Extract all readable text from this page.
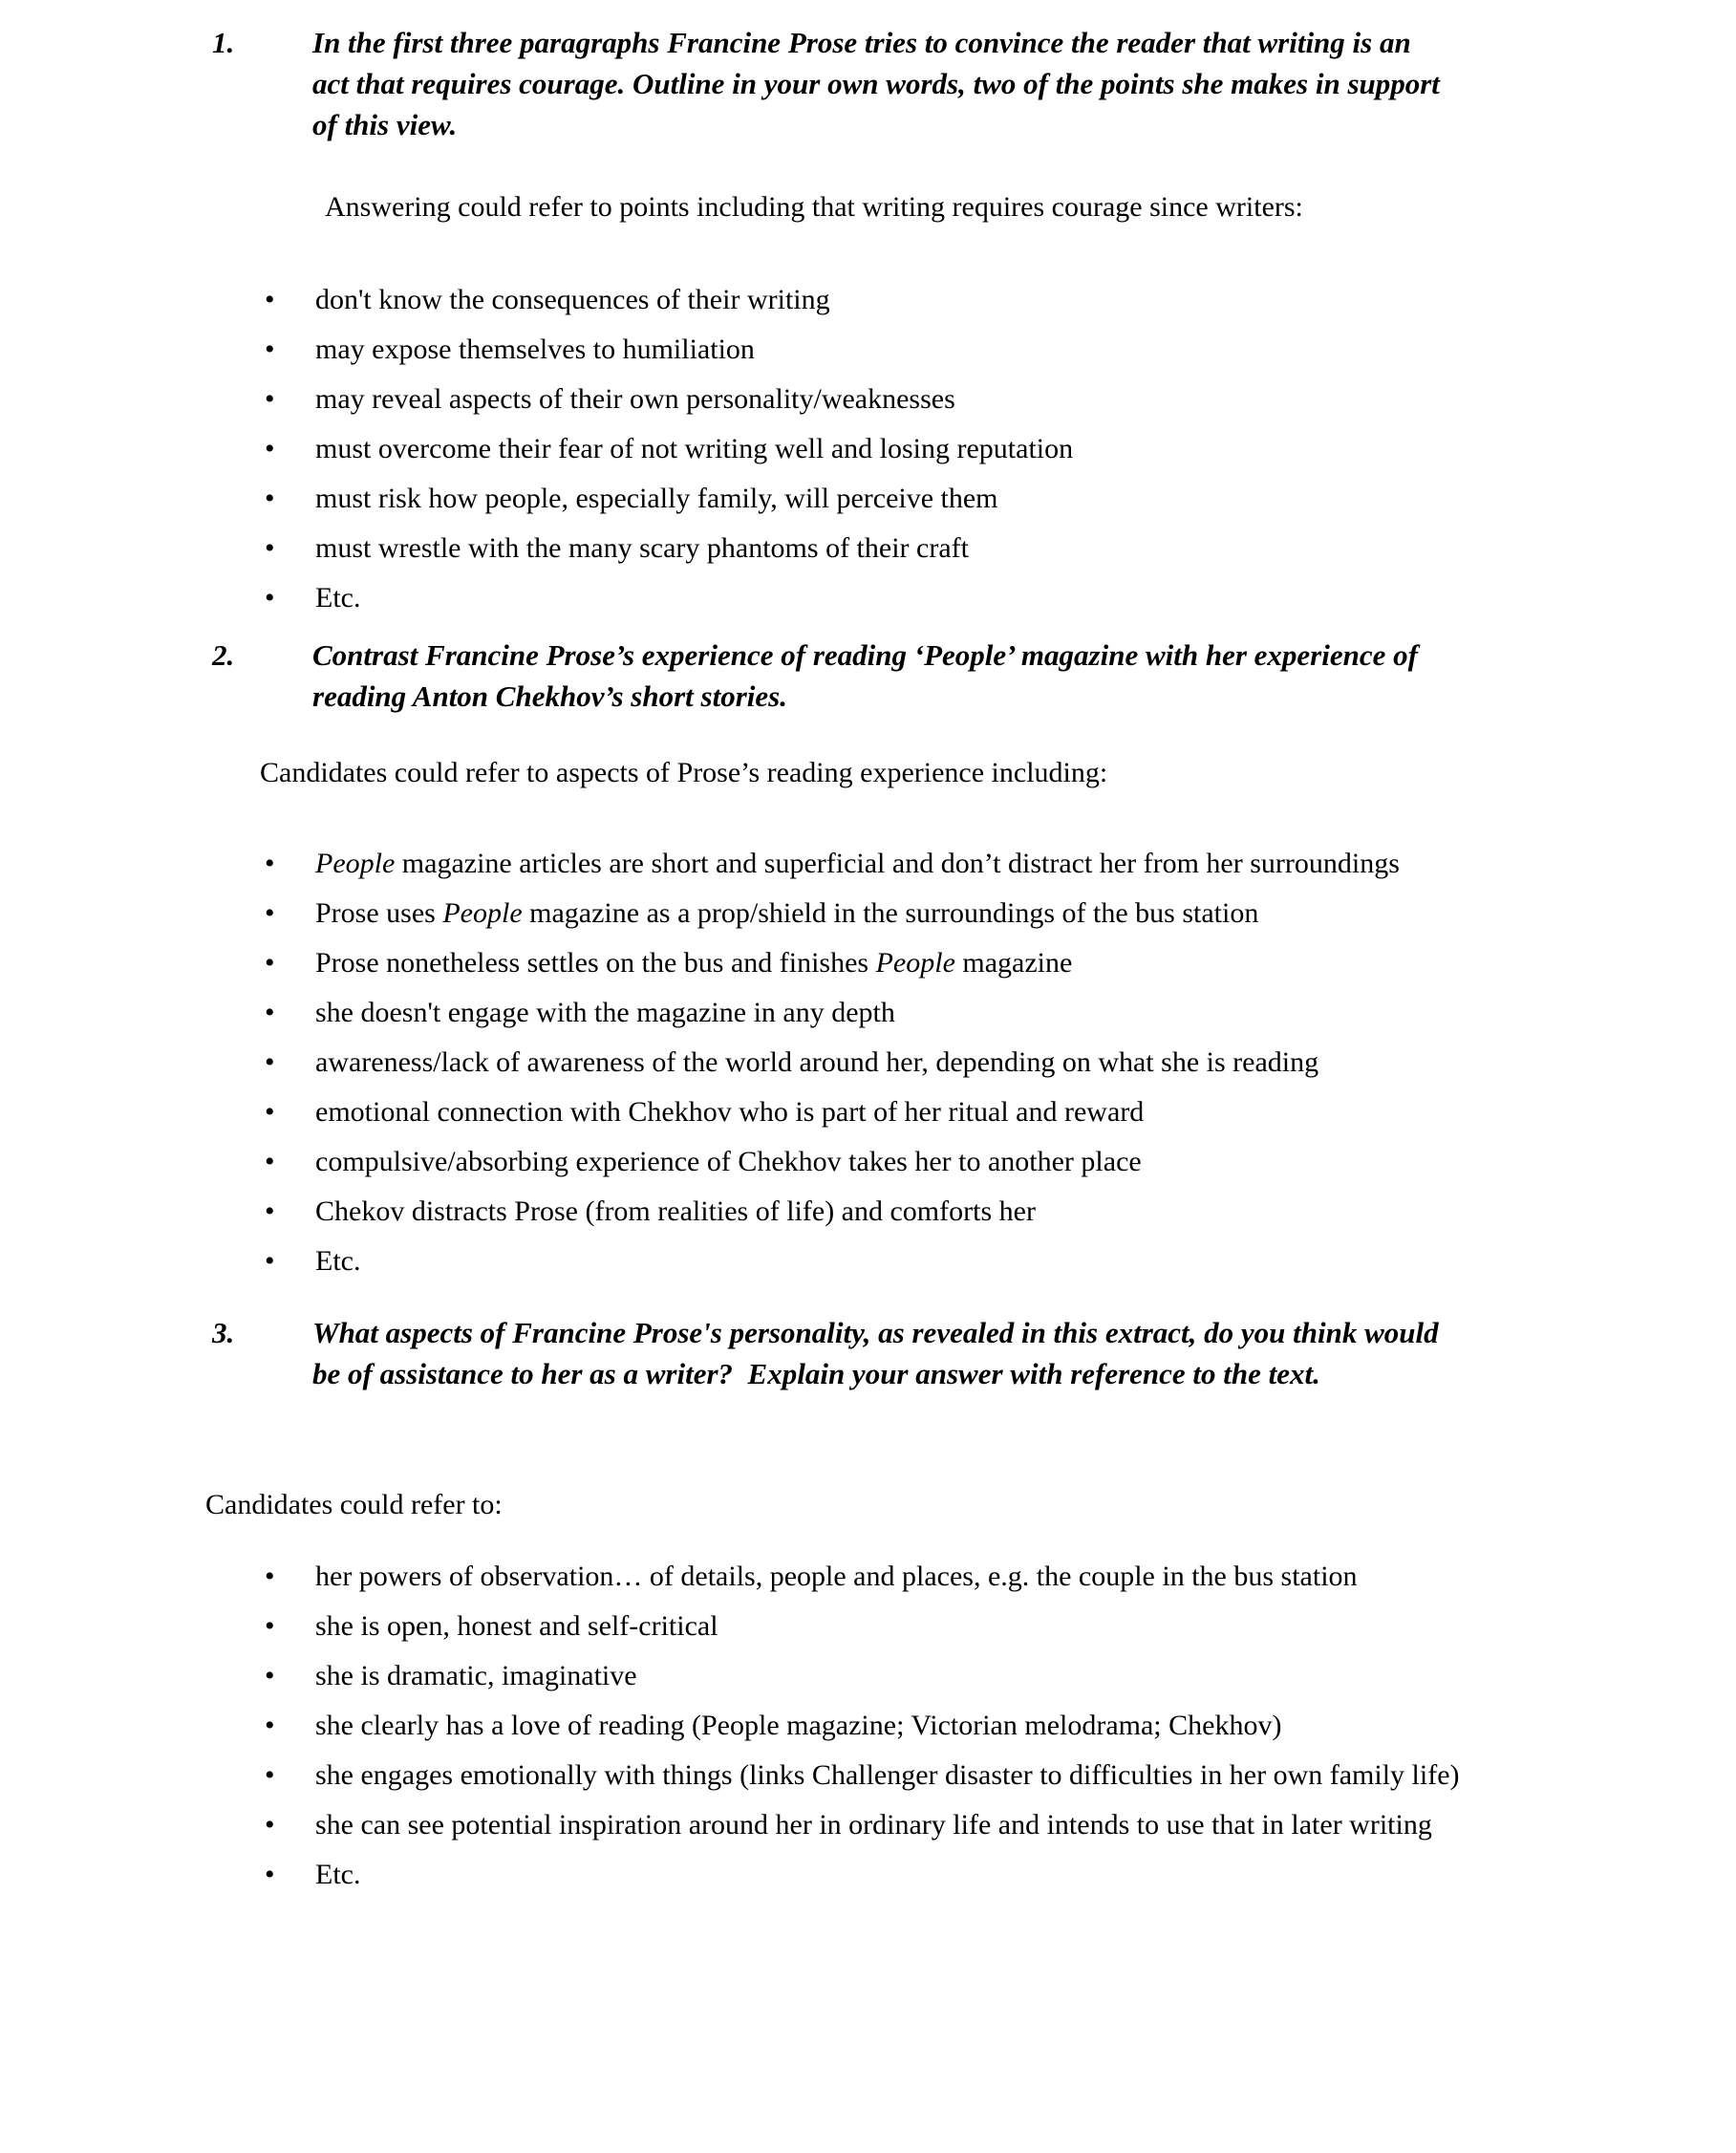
1.	In the first three paragraphs Francine Prose tries to convince the reader that writing is an act that requires courage. Outline in your own words, two of the points she makes in support of this view.

Answering could refer to points including that writing requires courage since writers:

• don't know the consequences of their writing
• may expose themselves to humiliation
• may reveal aspects of their own personality/weaknesses
• must overcome their fear of not writing well and losing reputation
• must risk how people, especially family, will perceive them
• must wrestle with the many scary phantoms of their craft
• Etc.
2.	Contrast Francine Prose’s experience of reading ‘People’ magazine with her experience of reading Anton Chekhov’s short stories.

Candidates could refer to aspects of Prose’s reading experience including:

• People magazine articles are short and superficial and don’t distract her from her surroundings
• Prose uses People magazine as a prop/shield in the surroundings of the bus station
• Prose nonetheless settles on the bus and finishes People magazine
• she doesn't engage with the magazine in any depth
• awareness/lack of awareness of the world around her, depending on what she is reading
• emotional connection with Chekhov who is part of her ritual and reward
• compulsive/absorbing experience of Chekhov takes her to another place
• Chekov distracts Prose (from realities of life) and comforts her
• Etc.
3.	What aspects of Francine Prose's personality, as revealed in this extract, do you think would be of assistance to her as a writer?  Explain your answer with reference to the text.

Candidates could refer to:

• her powers of observation… of details, people and places, e.g. the couple in the bus station
• she is open, honest and self-critical
• she is dramatic, imaginative
• she clearly has a love of reading (People magazine; Victorian melodrama; Chekhov)
• she engages emotionally with things (links Challenger disaster to difficulties in her own family life)
• she can see potential inspiration around her in ordinary life and intends to use that in later writing
• Etc.
